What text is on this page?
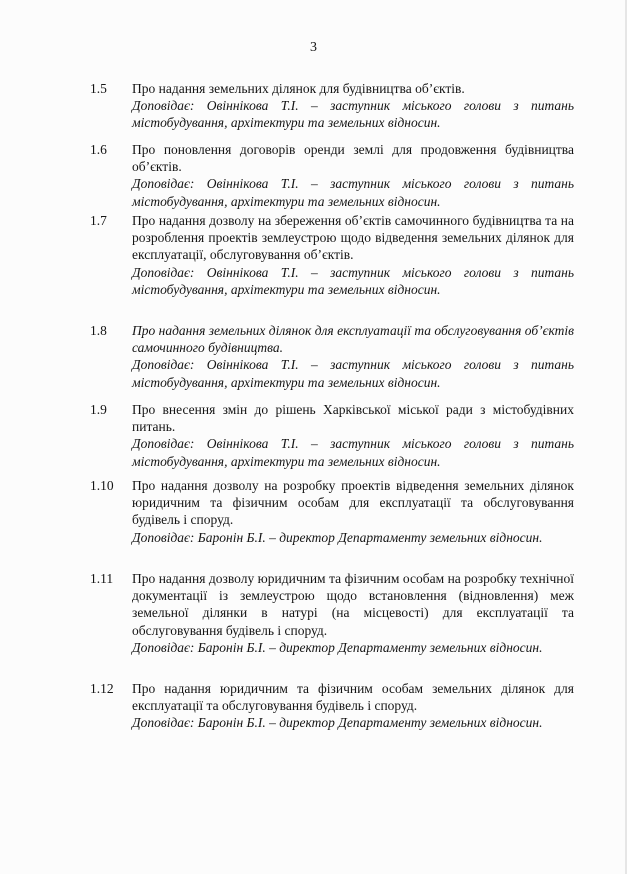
3
1.5 Про надання земельних ділянок для будівництва об’єктів.
Доповідає: Овіннікова Т.І. – заступник міського голови з питань містобудування, архітектури та земельних відносин.
1.6 Про поновлення договорів оренди землі для продовження будівництва об’єктів.
Доповідає: Овіннікова Т.І. – заступник міського голови з питань містобудування, архітектури та земельних відносин.
1.7 Про надання дозволу на збереження об’єктів самочинного будівництва та на розроблення проектів землеустрою щодо відведення земельних ділянок для експлуатації, обслуговування об’єктів.
Доповідає: Овіннікова Т.І. – заступник міського голови з питань містобудування, архітектури та земельних відносин.
1.8 Про надання земельних ділянок для експлуатації та обслуговування об’єктів самочинного будівництва.
Доповідає: Овіннікова Т.І. – заступник міського голови з питань містобудування, архітектури та земельних відносин.
1.9 Про внесення змін до рішень Харківської міської ради з містобудівних питань.
Доповідає: Овіннікова Т.І. – заступник міського голови з питань містобудування, архітектури та земельних відносин.
1.10 Про надання дозволу на розробку проектів відведення земельних ділянок юридичним та фізичним особам для експлуатації та обслуговування будівель і споруд.
Доповідає: Баронін Б.І. – директор Департаменту земельних відносин.
1.11 Про надання дозволу юридичним та фізичним особам на розробку технічної документації із землеустрою щодо встановлення (відновлення) меж земельної ділянки в натурі (на місцевості) для експлуатації та обслуговування будівель і споруд.
Доповідає: Баронін Б.І. – директор Департаменту земельних відносин.
1.12 Про надання юридичним та фізичним особам земельних ділянок для експлуатації та обслуговування будівель і споруд.
Доповідає: Баронін Б.І. – директор Департаменту земельних відносин.
